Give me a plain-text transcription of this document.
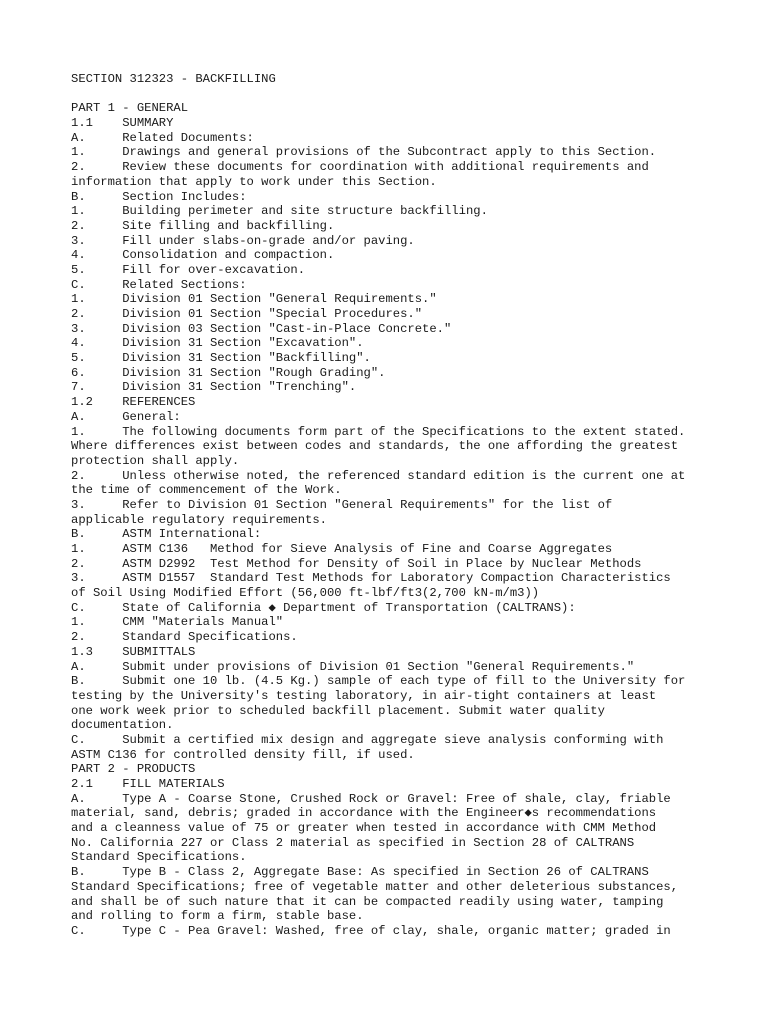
SECTION 312323 - BACKFILLING
PART 1 - GENERAL
1.1    SUMMARY
A.     Related Documents:
1.     Drawings and general provisions of the Subcontract apply to this Section.
2.     Review these documents for coordination with additional requirements and
information that apply to work under this Section.
B.     Section Includes:
1.     Building perimeter and site structure backfilling.
2.     Site filling and backfilling.
3.     Fill under slabs-on-grade and/or paving.
4.     Consolidation and compaction.
5.     Fill for over-excavation.
C.     Related Sections:
1.     Division 01 Section "General Requirements."
2.     Division 01 Section "Special Procedures."
3.     Division 03 Section "Cast-in-Place Concrete."
4.     Division 31 Section "Excavation".
5.     Division 31 Section "Backfilling".
6.     Division 31 Section "Rough Grading".
7.     Division 31 Section "Trenching".
1.2    REFERENCES
A.     General:
1.     The following documents form part of the Specifications to the extent stated.
Where differences exist between codes and standards, the one affording the greatest
protection shall apply.
2.     Unless otherwise noted, the referenced standard edition is the current one at
the time of commencement of the Work.
3.     Refer to Division 01 Section "General Requirements" for the list of
applicable regulatory requirements.
B.     ASTM International:
1.     ASTM C136   Method for Sieve Analysis of Fine and Coarse Aggregates
2.     ASTM D2992  Test Method for Density of Soil in Place by Nuclear Methods
3.     ASTM D1557  Standard Test Methods for Laboratory Compaction Characteristics
of Soil Using Modified Effort (56,000 ft-lbf/ft3(2,700 kN-m/m3))
C.     State of California ◆ Department of Transportation (CALTRANS):
1.     CMM "Materials Manual"
2.     Standard Specifications.
1.3    SUBMITTALS
A.     Submit under provisions of Division 01 Section "General Requirements."
B.     Submit one 10 lb. (4.5 Kg.) sample of each type of fill to the University for
testing by the University's testing laboratory, in air-tight containers at least
one work week prior to scheduled backfill placement. Submit water quality
documentation.
C.     Submit a certified mix design and aggregate sieve analysis conforming with
ASTM C136 for controlled density fill, if used.
PART 2 - PRODUCTS
2.1    FILL MATERIALS
A.     Type A - Coarse Stone, Crushed Rock or Gravel: Free of shale, clay, friable
material, sand, debris; graded in accordance with the Engineer◆s recommendations
and a cleanness value of 75 or greater when tested in accordance with CMM Method
No. California 227 or Class 2 material as specified in Section 28 of CALTRANS
Standard Specifications.
B.     Type B - Class 2, Aggregate Base: As specified in Section 26 of CALTRANS
Standard Specifications; free of vegetable matter and other deleterious substances,
and shall be of such nature that it can be compacted readily using water, tamping
and rolling to form a firm, stable base.
C.     Type C - Pea Gravel: Washed, free of clay, shale, organic matter; graded in
